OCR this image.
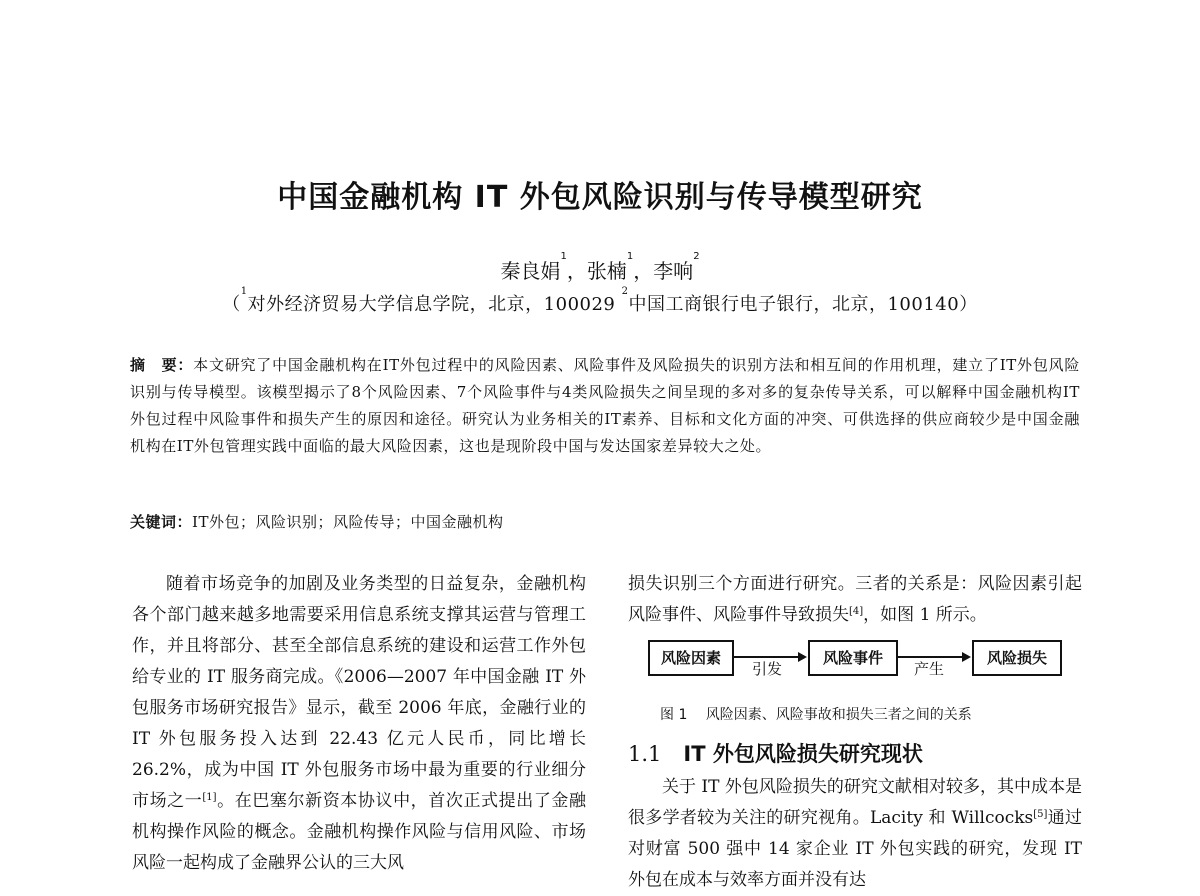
中国金融机构 IT 外包风险识别与传导模型研究
秦良娟$^1$，张楠$^1$，李响$^2$
（$^1$对外经济贸易大学信息学院，北京，100029 $^2$中国工商银行电子银行，北京，100140）
摘　要：本文研究了中国金融机构在IT外包过程中的风险因素、风险事件及风险损失的识别方法和相互间的作用机理，建立了IT外包风险识别与传导模型。该模型揭示了8个风险因素、7个风险事件与4类风险损失之间呈现的多对多的复杂传导关系，可以解释中国金融机构IT外包过程中风险事件和损失产生的原因和途径。研究认为业务相关的IT素养、目标和文化方面的冲突、可供选择的供应商较少是中国金融机构在IT外包管理实践中面临的最大风险因素，这也是现阶段中国与发达国家差异较大之处。
关键词：IT外包；风险识别；风险传导；中国金融机构

随着市场竞争的加剧及业务类型的日益复杂，金融机构各个部门越来越多地需要采用信息系统支撑其运营与管理工作，并且将部分、甚至全部信息系统的建设和运营工作外包给专业的 IT 服务商完成。《2006—2007 年中国金融 IT 外包服务市场研究报告》显示，截至 2006 年底，金融行业的 IT 外包服务投入达到 22.43 亿元人民币，同比增长 26.2%，成为中国 IT 外包服务市场中最为重要的行业细分市场之一[1]。在巴塞尔新资本协议中，首次正式提出了金融机构操作风险的概念。金融机构操作风险与信用风险、市场风险一起构成了金融界公认的三大风

损失识别三个方面进行研究。三者的关系是：风险因素引起风险事件、风险事件导致损失[4]，如图 1 所示。

风险因素
引发
风险事件
产生
风险损失
图 1　 风险因素、风险事故和损失三者之间的关系
1.1 IT 外包风险损失研究现状

关于 IT 外包风险损失的研究文献相对较多，其中成本是很多学者较为关注的研究视角。Lacity 和 Willcocks[5]通过对财富 500 强中 14 家企业 IT 外包实践的研究，发现 IT 外包在成本与效率方面并没有达
